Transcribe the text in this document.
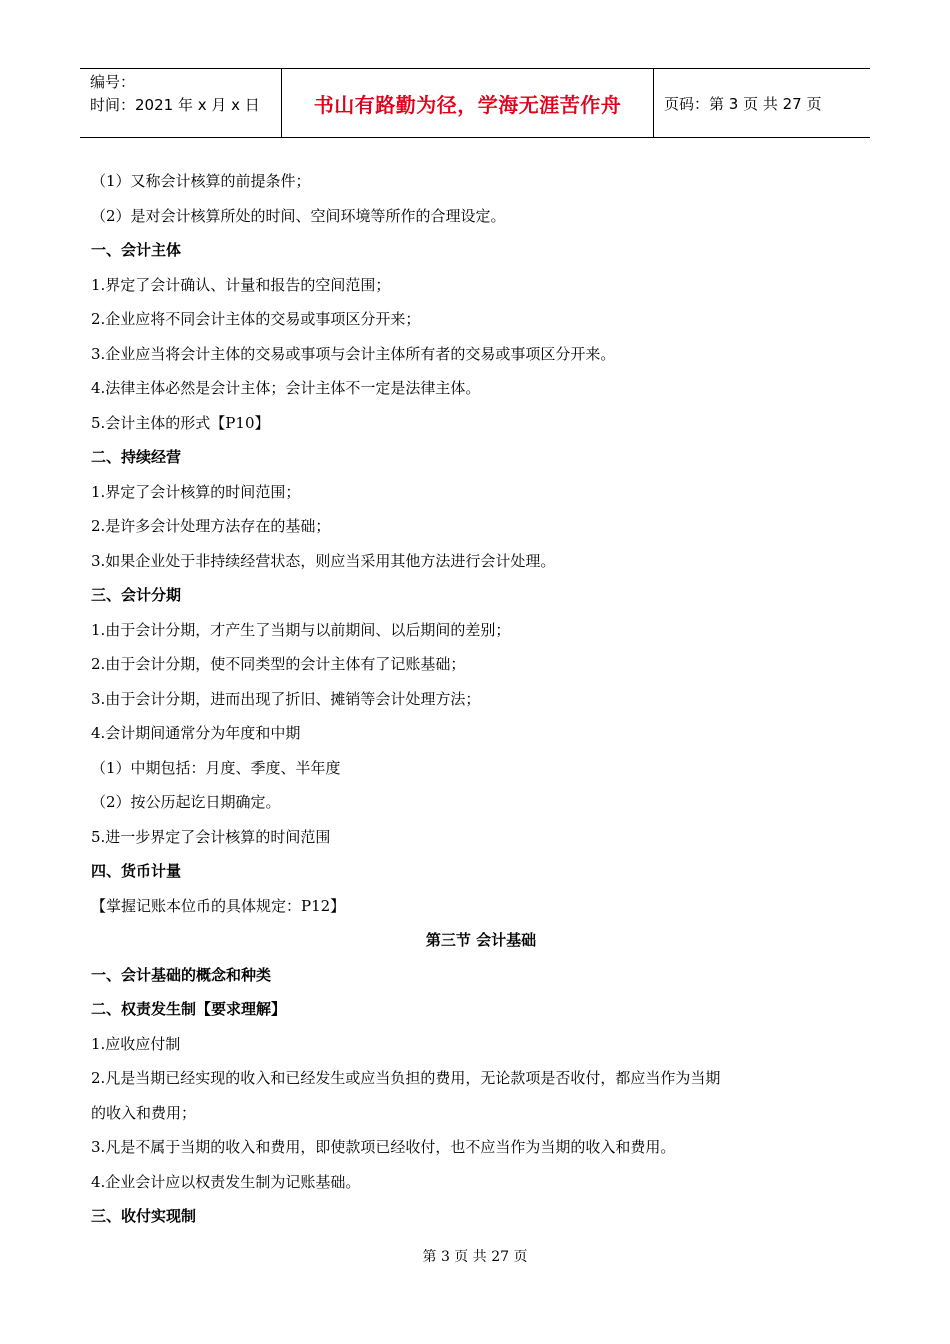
编号：
时间：2021 年 x 月 x 日	书山有路勤为径，学海无涯苦作舟	页码：第 3 页 共 27 页
（1）又称会计核算的前提条件；
（2）是对会计核算所处的时间、空间环境等所作的合理设定。
一、会计主体
1.界定了会计确认、计量和报告的空间范围；
2.企业应将不同会计主体的交易或事项区分开来；
3.企业应当将会计主体的交易或事项与会计主体所有者的交易或事项区分开来。
4.法律主体必然是会计主体；会计主体不一定是法律主体。
5.会计主体的形式【P10】
二、持续经营
1.界定了会计核算的时间范围；
2.是许多会计处理方法存在的基础；
3.如果企业处于非持续经营状态，则应当采用其他方法进行会计处理。
三、会计分期
1.由于会计分期，才产生了当期与以前期间、以后期间的差别；
2.由于会计分期，使不同类型的会计主体有了记账基础；
3.由于会计分期，进而出现了折旧、摊销等会计处理方法；
4.会计期间通常分为年度和中期
（1）中期包括：月度、季度、半年度
（2）按公历起讫日期确定。
5.进一步界定了会计核算的时间范围
四、货币计量
【掌握记账本位币的具体规定：P12】
第三节 会计基础
一、会计基础的概念和种类
二、权责发生制【要求理解】
1.应收应付制
2.凡是当期已经实现的收入和已经发生或应当负担的费用，无论款项是否收付，都应当作为当期
的收入和费用；
3.凡是不属于当期的收入和费用，即使款项已经收付，也不应当作为当期的收入和费用。
4.企业会计应以权责发生制为记账基础。
三、收付实现制
第 3 页 共 27 页
